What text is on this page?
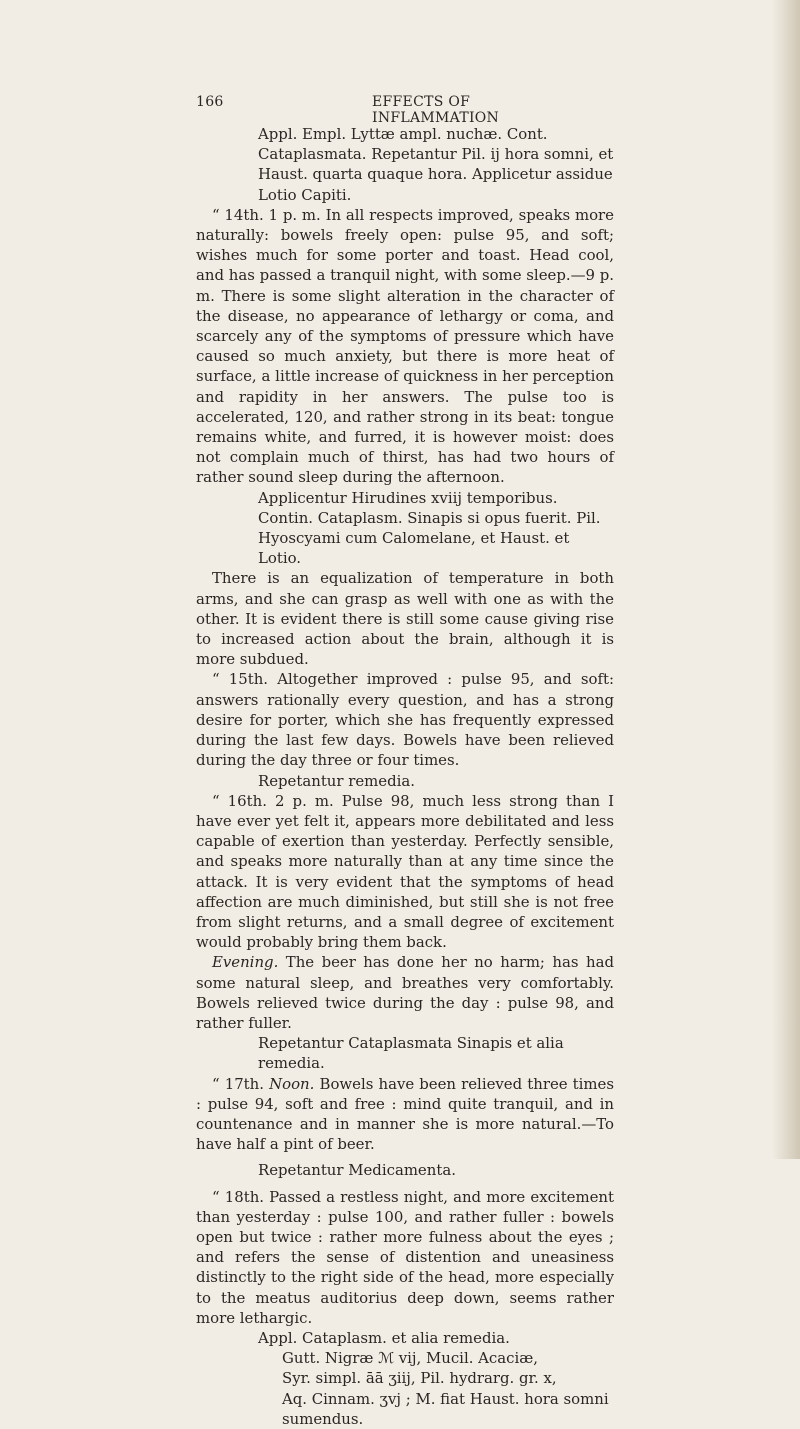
166	EFFECTS OF INFLAMMATION

Appl. Empl. Lyttæ ampl. nuchæ. Cont. Cataplasmata. Repetantur Pil. ij hora somni, et Haust. quarta quaque hora. Applicetur assidue Lotio Capiti.

“ 14th. 1 p. m. In all respects improved, speaks more naturally: bowels freely open: pulse 95, and soft; wishes much for some porter and toast. Head cool, and has passed a tranquil night, with some sleep.—9 p. m. There is some slight alteration in the character of the disease, no appearance of lethargy or coma, and scarcely any of the symptoms of pressure which have caused so much anxiety, but there is more heat of surface, a little increase of quickness in her perception and rapidity in her answers. The pulse too is accelerated, 120, and rather strong in its beat: tongue remains white, and furred, it is however moist: does not complain much of thirst, has had two hours of rather sound sleep during the afternoon.

Applicentur Hirudines xviij temporibus. Contin. Cataplasm. Sinapis si opus fuerit. Pil. Hyoscyami cum Calomelane, et Haust. et Lotio.

There is an equalization of temperature in both arms, and she can grasp as well with one as with the other. It is evident there is still some cause giving rise to increased action about the brain, although it is more subdued.

“ 15th. Altogether improved : pulse 95, and soft: answers rationally every question, and has a strong desire for porter, which she has frequently expressed during the last few days. Bowels have been relieved during the day three or four times.

Repetantur remedia.

“ 16th. 2 p. m. Pulse 98, much less strong than I have ever yet felt it, appears more debilitated and less capable of exertion than yesterday. Perfectly sensible, and speaks more naturally than at any time since the attack. It is very evident that the symptoms of head affection are much diminished, but still she is not free from slight returns, and a small degree of excitement would probably bring them back.

Evening. The beer has done her no harm; has had some natural sleep, and breathes very comfortably. Bowels relieved twice during the day : pulse 98, and rather fuller.

Repetantur Cataplasmata Sinapis et alia remedia.

“ 17th. Noon. Bowels have been relieved three times : pulse 94, soft and free : mind quite tranquil, and in countenance and in manner she is more natural.—To have half a pint of beer.

Repetantur Medicamenta.

“ 18th. Passed a restless night, and more excitement than yesterday : pulse 100, and rather fuller : bowels open but twice : rather more fulness about the eyes ; and refers the sense of distention and uneasiness distinctly to the right side of the head, more especially to the meatus auditorius deep down, seems rather more lethargic.

Appl. Cataplasm. et alia remedia.

Gutt. Nigræ ℳ vij, Mucil. Acaciæ,

Syr. simpl. āā ʒiij, Pil. hydrarg. gr. x,

Aq. Cinnam. ʒvj ; M. fiat Haust. hora somni sumendus.
